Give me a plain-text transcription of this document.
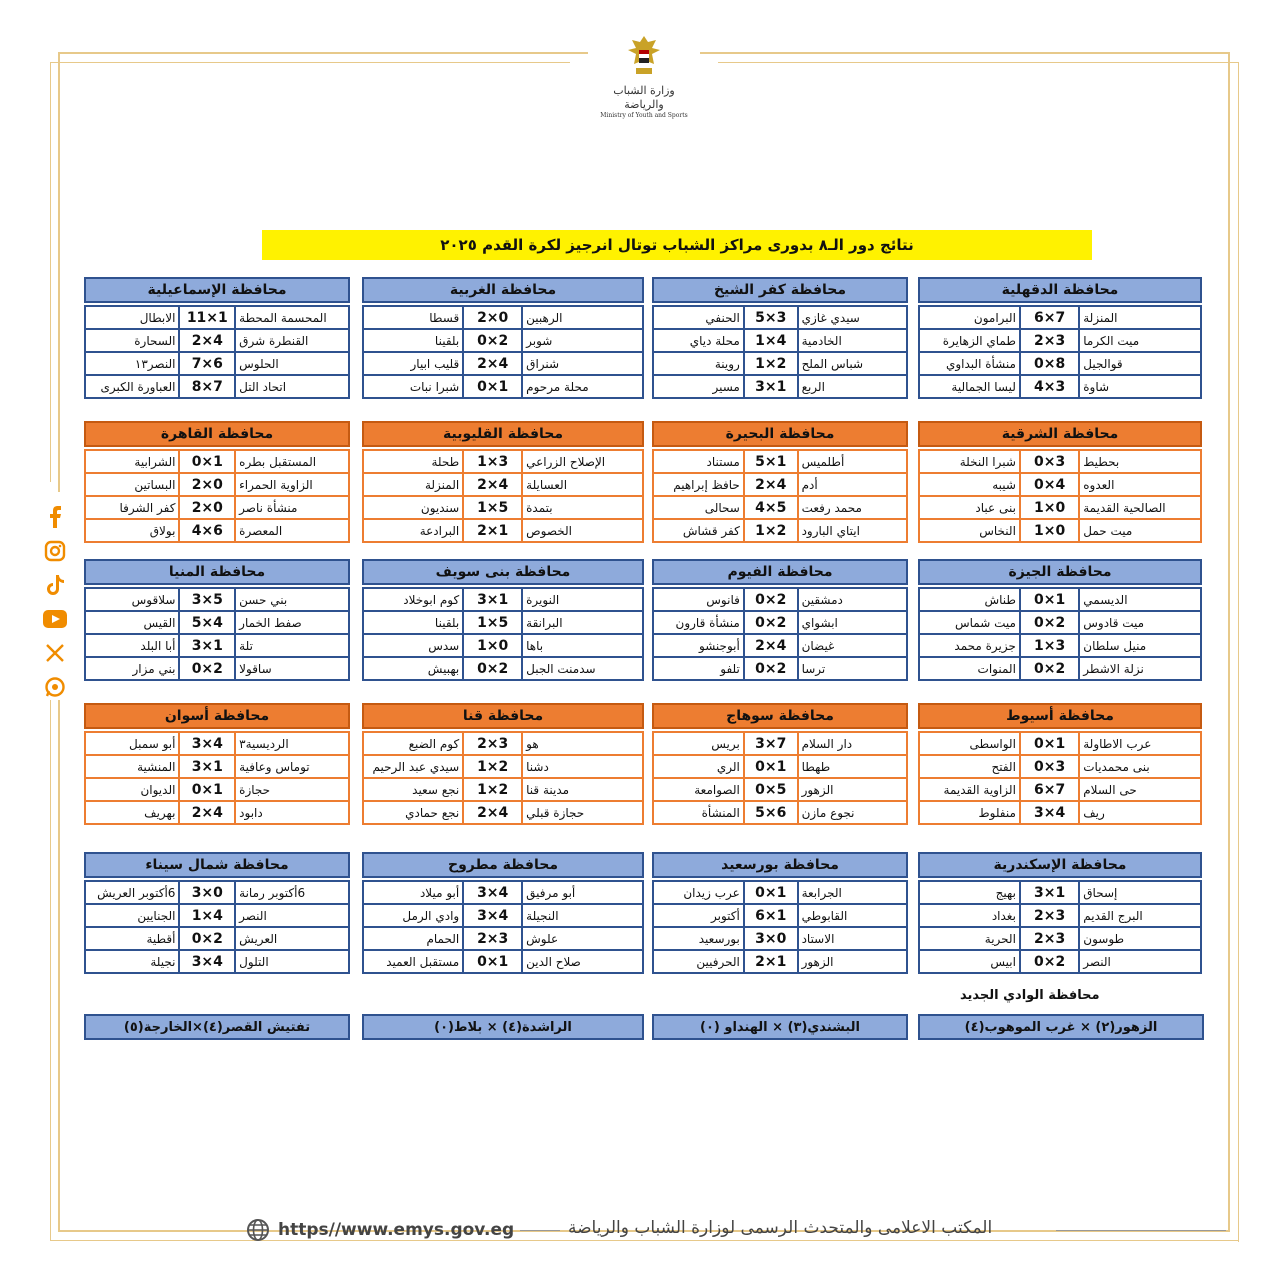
وزارة الشباب والرياضة
Ministry of Youth and Sports
نتائج دور الـ٨ بدورى مراكز الشباب توتال انرجيز لكرة القدم ٢٠٢٥
محافظة الدقهلية
البرامون	6×7	المنزلة
طماي الزهايرة	2×3	ميت الكرما
منشأة البداوي	0×8	قوالجيل
ليسا الجمالية	4×3	شاوة
محافظة كفر الشيخ
الحنفي	5×3	سيدي غازي
محلة دياي	1×4	الخادمية
روينة	1×2	شباس الملح
مسير	3×1	الربع
محافظة الغربية
قسطا	2×0	الرهبين
بلقينا	0×2	شوبر
قليب ابيار	2×4	شنراق
شبرا نبات	0×1	محلة مرحوم
محافظة الإسماعيلية
الابطال	11×1	المحسمة المحطة
السحارة	2×4	القنطرة شرق
النصر١٣	7×6	الحلوس
العباورة الكبرى	8×7	اتحاد التل
محافظة الشرقية
شبرا النخلة	0×3	بحطيط
شيبه	0×4	العدوه
بنى عباد	1×0	الصالحية القديمة
النخاس	1×0	ميت حمل
محافظة البحيرة
مستناد	5×1	أطلميس
حافظ إبراهيم	2×4	أدم
سحالى	4×5	محمد رفعت
كفر قشاش	1×2	ايتاي البارود
محافظة القليوبية
طحلة	1×3	الإصلاح الزراعي
المنزلة	2×4	العسايلة
سنديون	1×5	بتمدة
البرادعة	2×1	الخصوص
محافظة القاهرة
الشرابية	0×1	المستقبل بطره
البساتين	2×0	الزاوية الحمراء
كفر الشرفا	2×0	منشأة ناصر
بولاق	4×6	المعصرة
محافظة الجيزة
طناش	0×1	الديسمي
ميت شماس	0×2	ميت قادوس
جزيرة محمد	1×3	منيل سلطان
المنوات	0×2	نزلة الاشطر
محافظة الفيوم
فانوس	0×2	دمشقين
منشأة قارون	0×2	ابشواي
أبوجنشو	2×4	غيضان
تلفو	0×2	ترسا
محافظة بنى سويف
كوم ابوخلاد	3×1	النويرة
بلقينا	1×5	البرانقة
سدس	1×0	باها
بهبيش	0×2	سدمنت الجبل
محافظة المنيا
سلاقوس	3×5	بني حسن
القيس	5×4	صفط الخمار
أبا البلد	3×1	تلة
بني مزار	0×2	ساقولا
محافظة أسيوط
الواسطى	0×1	عرب الاطاولة
الفتح	0×3	بنى محمديات
الزاوية القديمة	6×7	حى السلام
منفلوط	3×4	ريف
محافظة سوهاج
بريس	3×7	دار السلام
الري	0×1	طهطا
الصوامعة	0×5	الزهور
المنشأة	5×6	نجوع مازن
محافظة قنا
كوم الضبع	2×3	هو
سيدي عبد الرحيم	1×2	دشنا
نجع سعيد	1×2	مدينة قنا
نجع حمادي	2×4	حجازة قبلي
محافظة أسوان
أبو سمبل	3×4	الرديسية٣
المنشية	3×1	توماس وعافية
الديوان	0×1	حجازة
بهريف	2×4	دابود
محافظة الإسكندرية
بهيج	3×1	إسحاق
بغداد	2×3	البرج القديم
الحرية	2×3	طوسون
ابيس	0×2	النصر
محافظة بورسعيد
عرب زيدان	0×1	الجرابعة
أكتوبر	6×1	القابوطي
بورسعيد	3×0	الاستاد
الحرفيين	2×1	الزهور
محافظة مطروح
أبو ميلاد	3×4	أبو مرفيق
وادي الرمل	3×4	النجيلة
الحمام	2×3	علوش
مستقبل العميد	0×1	صلاح الدين
محافظة شمال سيناء
6أكتوبر العريش	3×0	6أكتوبر رمانة
الجنايين	1×4	النصر
أقطية	0×2	العريش
نجيلة	3×4	التلول
محافظة الوادي الجديد
الزهور(٢) × غرب الموهوب(٤)
البشندي(٣) × الهنداو (٠)
الراشدة(٤) × بلاط(٠)
تفتيش القصر(٤)×الخارجة(٥)
https//www.emys.gov.eg	المكتب الاعلامى والمتحدث الرسمى لوزارة الشباب والرياضة
